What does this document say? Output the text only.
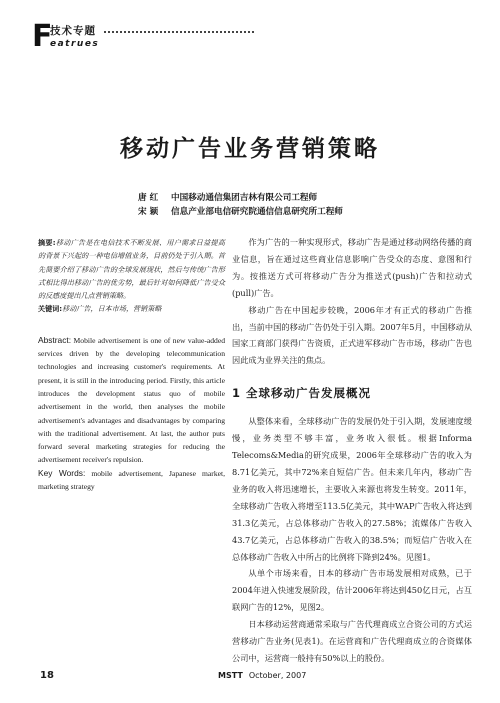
F
技术专题
eatrues
移动广告业务营销策略
唐 红 中国移动通信集团吉林有限公司工程师
宋 颖 信息产业部电信研究院通信信息研究所工程师

摘要:移动广告是在电信技术不断发展、用户需求日益提高的背景下兴起的一种电信增值业务，目前仍处于引入期。首先简要介绍了移动广告的全球发展现状，然后与传统广告形式相比得出移动广告的优劣势，最后针对如何降低广告受众的反感度提出几点营销策略。

关键词:移动广告，日本市场，营销策略

Abstract: Mobile advertisement is one of new value-added services driven by the developing telecommunication technologies and increasing customer's requirements. At present, it is still in the introducing period. Firstly, this article introduces the development status quo of mobile advertisement in the world, then analyses the mobile advertisement's advantages and disadvantages by comparing with the traditional advertisement. At last, the author puts forward several marketing strategies for reducing the advertisement receiver's repulsion.

Key Words: mobile advertisement, Japanese market, marketing strategy

作为广告的一种实现形式，移动广告是通过移动网络传播的商业信息，旨在通过这些商业信息影响广告受众的态度、意图和行为。按推送方式可将移动广告分为推送式(push)广告和拉动式(pull)广告。

移动广告在中国起步较晚，2006年才有正式的移动广告推出，当前中国的移动广告仍处于引入期。2007年5月，中国移动从国家工商部门获得广告资质，正式进军移动广告市场，移动广告也因此成为业界关注的焦点。

1 全球移动广告发展概况

从整体来看，全球移动广告的发展仍处于引入期，发展速度缓慢，业务类型不够丰富，业务收入很低。根据Informa Telecoms&Media的研究成果，2006年全球移动广告的收入为8.71亿美元，其中72%来自短信广告。但未来几年内，移动广告业务的收入将迅速增长，主要收入来源也将发生转变。2011年，全球移动广告收入将增至113.5亿美元，其中WAP广告收入将达到31.3亿美元，占总体移动广告收入的27.58%；流媒体广告收入43.7亿美元，占总体移动广告收入的38.5%；而短信广告收入在总体移动广告收入中所占的比例将下降到24%。见图1。

从单个市场来看，日本的移动广告市场发展相对成熟，已于2004年进入快速发展阶段，估计2006年将达到450亿日元，占互联网广告的12%，见图2。

日本移动运营商通常采取与广告代理商成立合资公司的方式运营移动广告业务(见表1)。在运营商和广告代理商成立的合资媒体公司中，运营商一般持有50%以上的股份。

18	MSTT October, 2007
